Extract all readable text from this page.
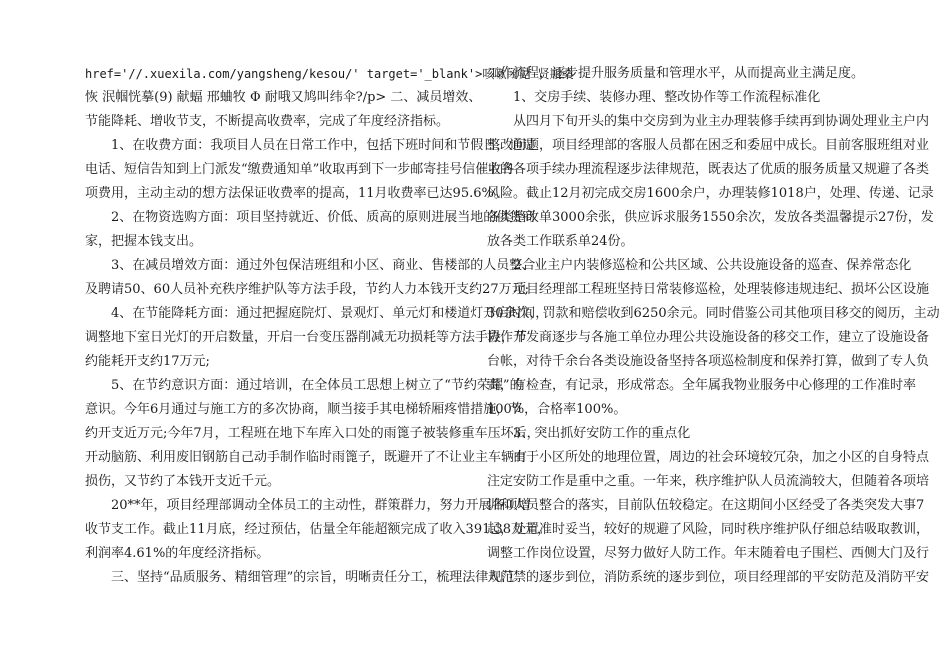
href='//.xuexila.com/yangsheng/kesou/' target='_blank'>咳嗽闭晃 贤瓶桑
恢 泯帼恍摹(9) 献蝠 邢蛐牧 Φ 耐哦又鸠叫纬伞?/p> 二、减员增效、
节能降耗、增收节支，不断提高收费率，完成了年度经济指标。
1、在收费方面：我项目人员在日常工作中，包括下班时间和节假日，通过
电话、短信告知到上门派发“缴费通知单”收取再到下一步邮寄挂号信催收各
项费用，主动主动的想方法保证收费率的提高，11月收费率已达95.6%。
2、在物资选购方面：项目坚持就近、价低、质高的原则进展当地的供货商
家，把握本钱支出。
3、在减员增效方面：通过外包保洁班组和小区、商业、售楼部的人员整合
及聘请50、60人员补充秩序维护队等方法手段，节约人力本钱开支约27万元;
4、在节能降耗方面：通过把握庭院灯、景观灯、单元灯和楼道灯开启时间，
调整地下室日光灯的开启数量，开启一台变压器削减无功损耗等方法手段，节
约能耗开支约17万元;
5、在节约意识方面：通过培训，在全体员工思想上树立了“节约荣耀”的
意识。今年6月通过与施工方的多次协商，顺当接手其电梯轿厢疼惜措施，节
约开支近万元;今年7月，工程班在地下车库入口处的雨篦子被装修重车压坏后，
开动脑筋、利用废旧钢筋自己动手制作临时雨篦子，既避开了不让业主车辆有
损伤，又节约了本钱开支近千元。
20**年，项目经理部调动全体员工的主动性，群策群力，努力开展各项增
收节支工作。截止11月底，经过预估，估量全年能超额完成了收入391.38万元，
利润率4.61%的年度经济指标。
三、坚持“品质服务、精细管理”的宗旨，明晰责任分工，梳理法律规范
工作流程，逐步提升服务质量和管理水平，从而提高业主满足度。
1、交房手续、装修办理、整改协作等工作流程标准化
从四月下旬开头的集中交房到为业主办理装修手续再到协调处理业主户内
整改问题，项目经理部的客服人员都在困乏和委屈中成长。目前客服班组对业
主的各项手续办理流程逐步法律规范，既表达了优质的服务质量又规避了各类
风险。截止12月初完成交房1600余户，办理装修1018户，处理、传递、记录
各类整改单3000余张，供应诉求服务1550余次，发放各类温馨提示27份，发
放各类工作联系单24份。
2、业主户内装修巡检和公共区域、公共设施设备的巡查、保养常态化
项目经理部工程班坚持日常装修巡检，处理装修违规违纪、损坏公区设施
30余次，罚款和赔偿收到6250余元。同时借鉴公司其他项目移交的阅历，主动
协作开发商逐步与各施工单位办理公共设施设备的移交工作，建立了设施设备
台帐，对待千余台各类设施设备坚持各项巡检制度和保养打算，做到了专人负
责，有检查，有记录，形成常态。全年属我物业服务中心修理的工作准时率
100%，合格率100%。
3、突出抓好安防工作的重点化
由于小区所处的地理位置，周边的社会环境较冗杂，加之小区的自身特点
注定安防工作是重中之重。一年来，秩序维护队人员流淌较大，但随着各项培
训和人员整合的落实，目前队伍较稳定。在这期间小区经受了各类突发大事7
起，处置准时妥当，较好的规避了风险，同时秩序维护队仔细总结吸取教训，
调整工作岗位设置，尽努力做好人防工作。年末随着电子围栏、西侧大门及行
人门禁的逐步到位，消防系统的逐步到位，项目经理部的平安防范及消防平安
